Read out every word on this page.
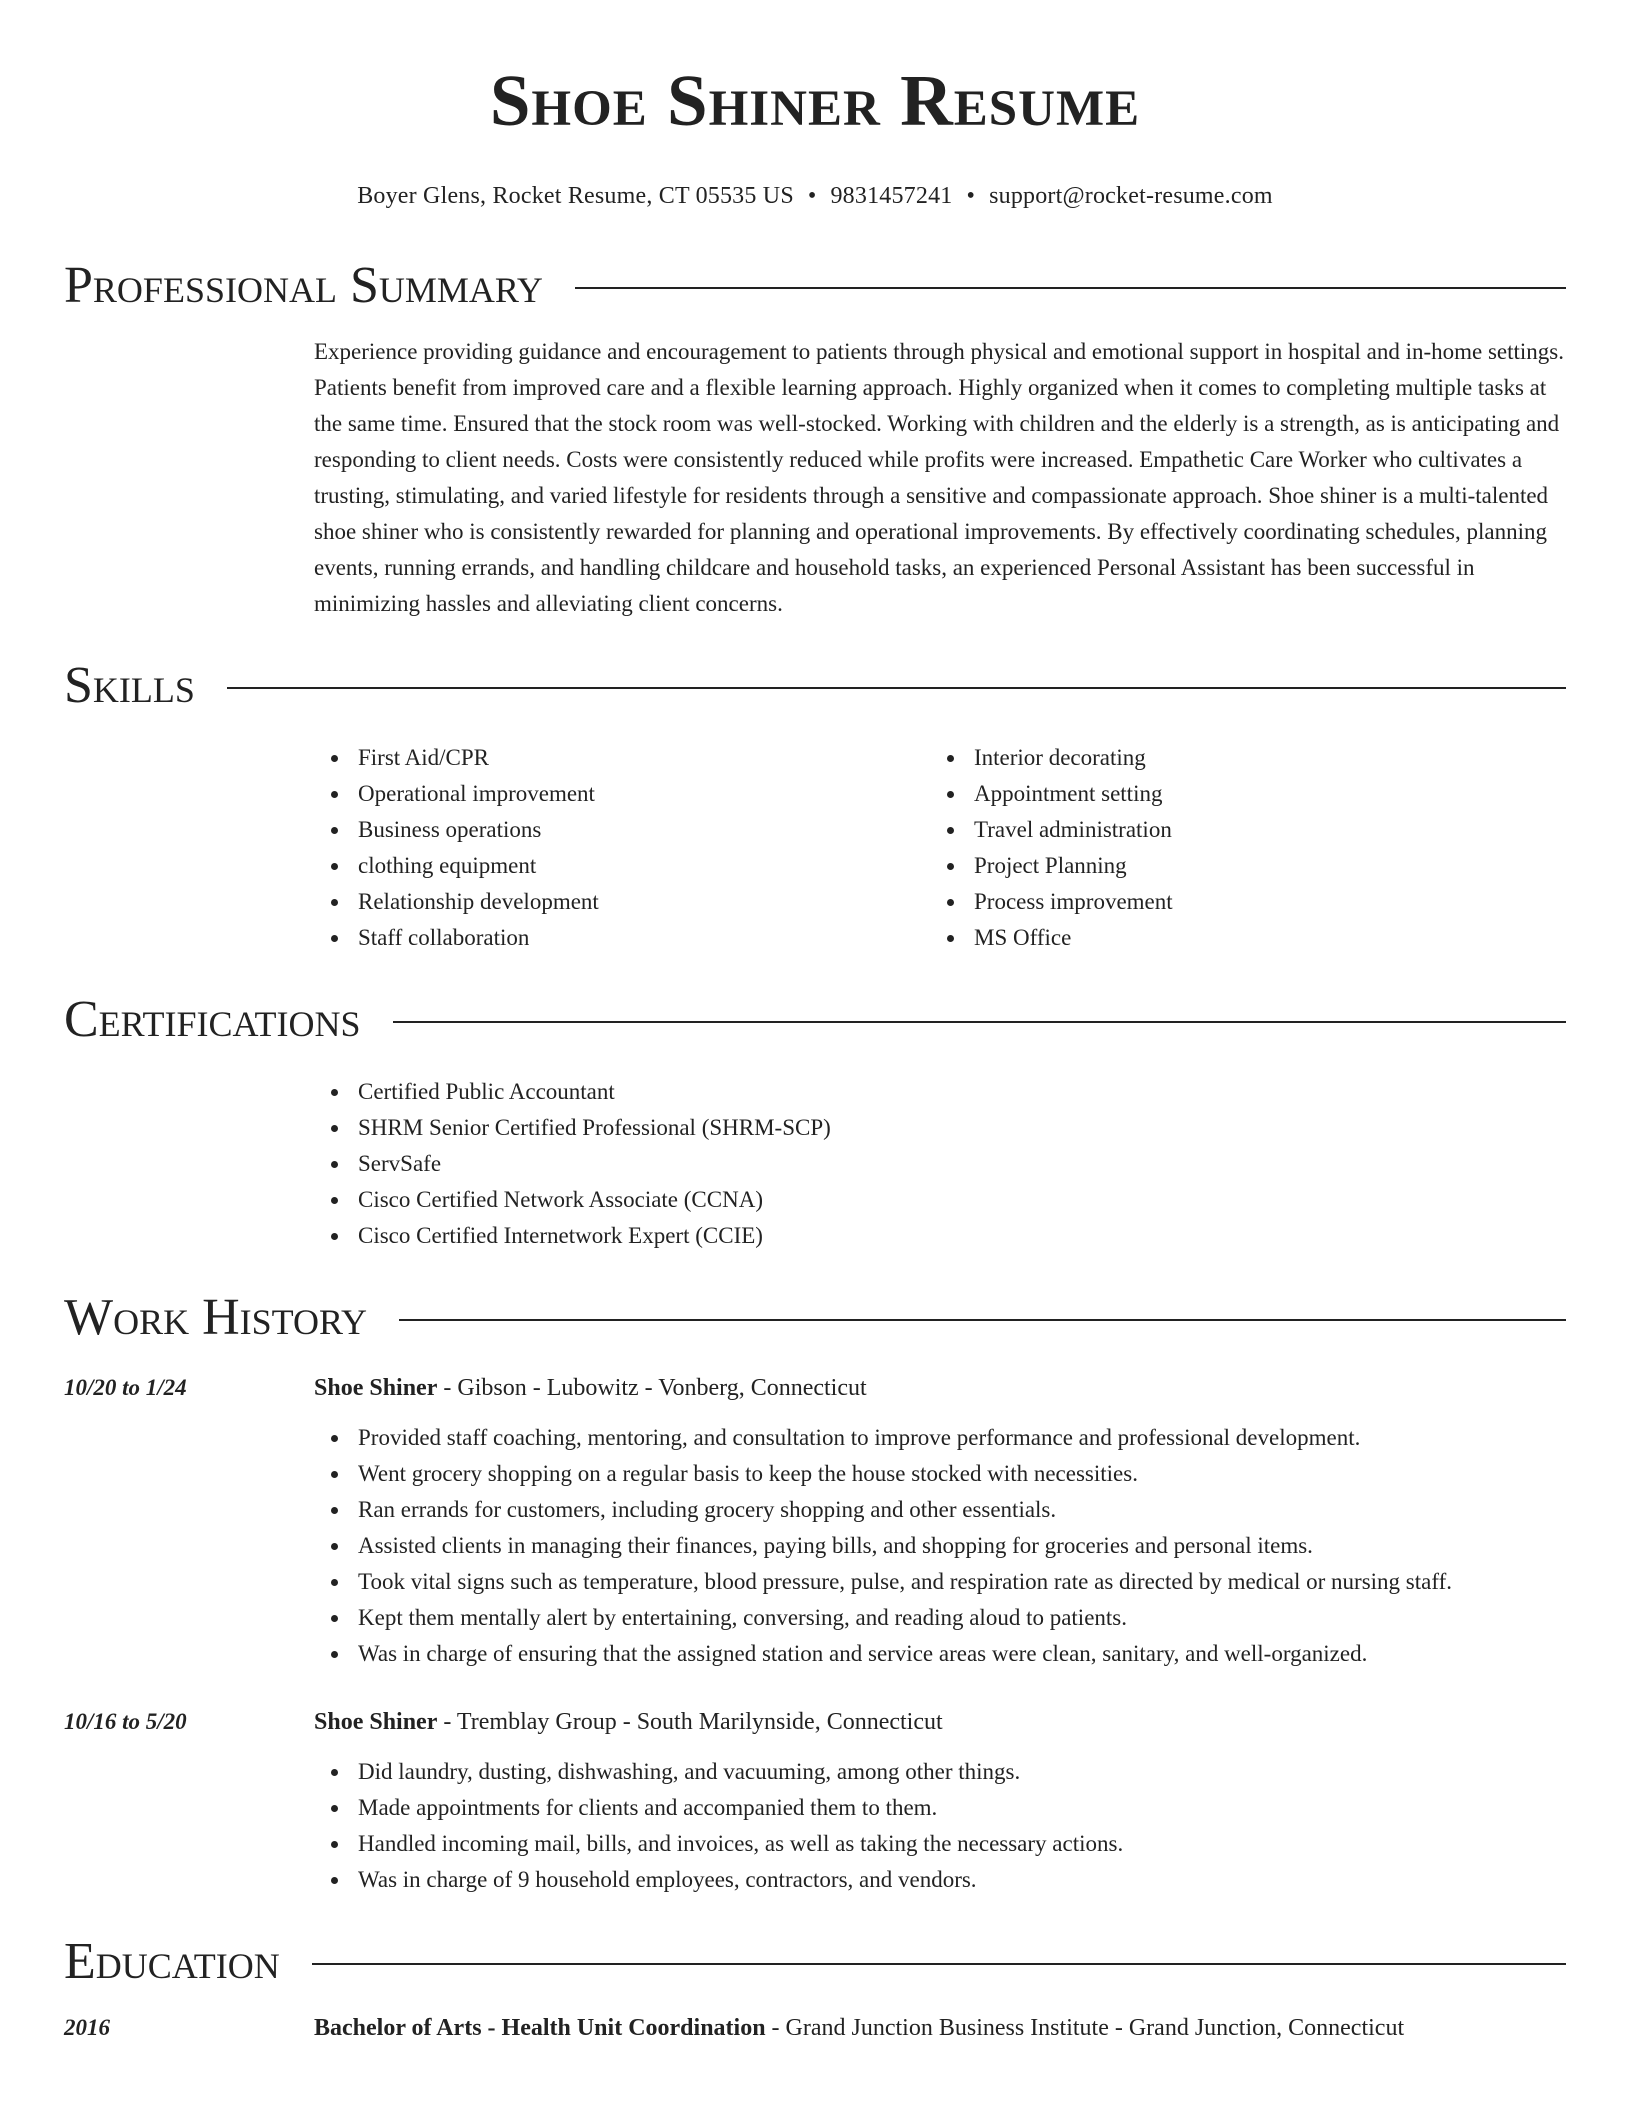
Shoe Shiner Resume
Boyer Glens, Rocket Resume, CT 05535 US • 9831457241 • support@rocket-resume.com
Professional Summary

Experience providing guidance and encouragement to patients through physical and emotional support in hospital and in-home settings. Patients benefit from improved care and a flexible learning approach. Highly organized when it comes to completing multiple tasks at the same time. Ensured that the stock room was well-stocked. Working with children and the elderly is a strength, as is anticipating and responding to client needs. Costs were consistently reduced while profits were increased. Empathetic Care Worker who cultivates a trusting, stimulating, and varied lifestyle for residents through a sensitive and compassionate approach. Shoe shiner is a multi-talented shoe shiner who is consistently rewarded for planning and operational improvements. By effectively coordinating schedules, planning events, running errands, and handling childcare and household tasks, an experienced Personal Assistant has been successful in minimizing hassles and alleviating client concerns.

Skills
First Aid/CPR
Operational improvement
Business operations
clothing equipment
Relationship development
Staff collaboration
Interior decorating
Appointment setting
Travel administration
Project Planning
Process improvement
MS Office
Certifications
Certified Public Accountant
SHRM Senior Certified Professional (SHRM-SCP)
ServSafe
Cisco Certified Network Associate (CCNA)
Cisco Certified Internetwork Expert (CCIE)
Work History
10/20 to 1/24	Shoe Shiner - Gibson - Lubowitz - Vonberg, Connecticut
Provided staff coaching, mentoring, and consultation to improve performance and professional development.
Went grocery shopping on a regular basis to keep the house stocked with necessities.
Ran errands for customers, including grocery shopping and other essentials.
Assisted clients in managing their finances, paying bills, and shopping for groceries and personal items.
Took vital signs such as temperature, blood pressure, pulse, and respiration rate as directed by medical or nursing staff.
Kept them mentally alert by entertaining, conversing, and reading aloud to patients.
Was in charge of ensuring that the assigned station and service areas were clean, sanitary, and well-organized.
10/16 to 5/20	Shoe Shiner - Tremblay Group - South Marilynside, Connecticut
Did laundry, dusting, dishwashing, and vacuuming, among other things.
Made appointments for clients and accompanied them to them.
Handled incoming mail, bills, and invoices, as well as taking the necessary actions.
Was in charge of 9 household employees, contractors, and vendors.
Education
2016	Bachelor of Arts - Health Unit Coordination - Grand Junction Business Institute - Grand Junction, Connecticut
